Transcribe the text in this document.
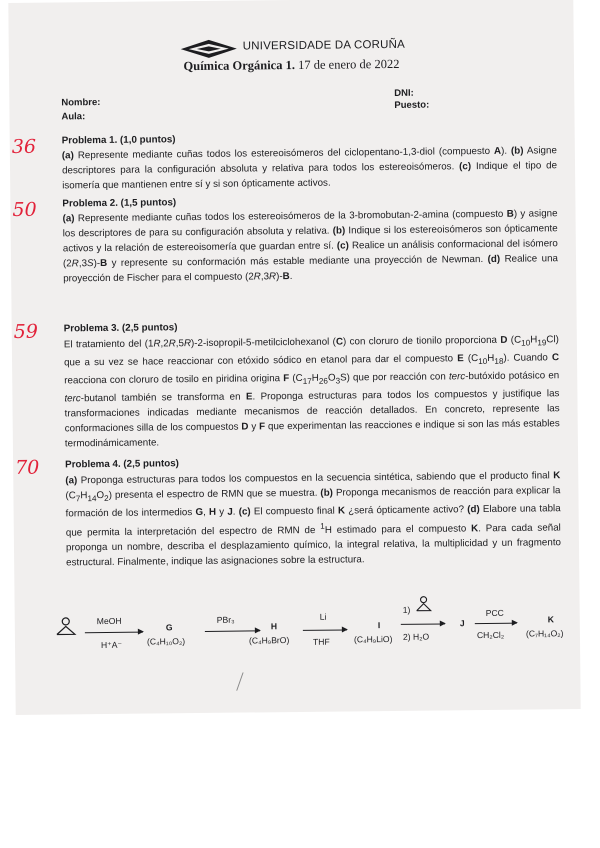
UNIVERSIDADE DA CORUÑA
Química Orgánica 1. 17 de enero de 2022
Nombre:
Aula:
DNI:
Puesto:
36	Problema 1. (1,0 puntos)
(a) Represente mediante cuñas todos los estereoisómeros del ciclopentano-1,3-diol (compuesto A). (b) Asigne descriptores para la configuración absoluta y relativa para todos los estereoisómeros. (c) Indique el tipo de isomería que mantienen entre sí y si son ópticamente activos.
50	Problema 2. (1,5 puntos)
(a) Represente mediante cuñas todos los estereoisómeros de la 3-bromobutan-2-amina (compuesto B) y asigne los descriptores de para su configuración absoluta y relativa. (b) Indique si los estereoisómeros son ópticamente activos y la relación de estereoisomería que guardan entre sí. (c) Realice un análisis conformacional del isómero (2R,3S)-B y represente su conformación más estable mediante una proyección de Newman. (d) Realice una proyección de Fischer para el compuesto (2R,3R)-B.
59	Problema 3. (2,5 puntos)
El tratamiento del (1R,2R,5R)-2-isopropil-5-metilciclohexanol (C) con cloruro de tionilo proporciona D $(C_{10}H_{19}Cl)$ que a su vez se hace reaccionar con etóxido sódico en etanol para dar el compuesto E $(C_{10}H_{18})$. Cuando C reacciona con cloruro de tosilo en piridina origina F $(C_{17}H_{26}O_3S)$ que por reacción con terc-butóxido potásico en terc-butanol también se transforma en E. Proponga estructuras para todos los compuestos y justifique las transformaciones indicadas mediante mecanismos de reacción detallados. En concreto, represente las conformaciones silla de los compuestos D y F que experimentan las reacciones e indique si son las más estables termodinámicamente.
70	Problema 4. (2,5 puntos)
(a) Proponga estructuras para todos los compuestos en la secuencia sintética, sabiendo que el producto final K $(C_7H_{14}O_2)$ presenta el espectro de RMN que se muestra. (b) Proponga mecanismos de reacción para explicar la formación de los intermedios G, H y J. (c) El compuesto final K ¿será ópticamente activo? (d) Elabore una tabla que permita la interpretación del espectro de RMN de $^1$H estimado para el compuesto K. Para cada señal proponga un nombre, describa el desplazamiento químico, la integral relativa, la multiplicidad y un fragmento estructural. Finalmente, indique las asignaciones sobre la estructura.
MeOH
H⁺A⁻
G
(C₄H₁₀O₂)
PBr₃
H
(C₄H₉BrO)
Li
THF
I
(C₄H₉LiO)
1)
2) H₂O
J
PCC
CH₂Cl₂
K
(C₇H₁₄O₂)
